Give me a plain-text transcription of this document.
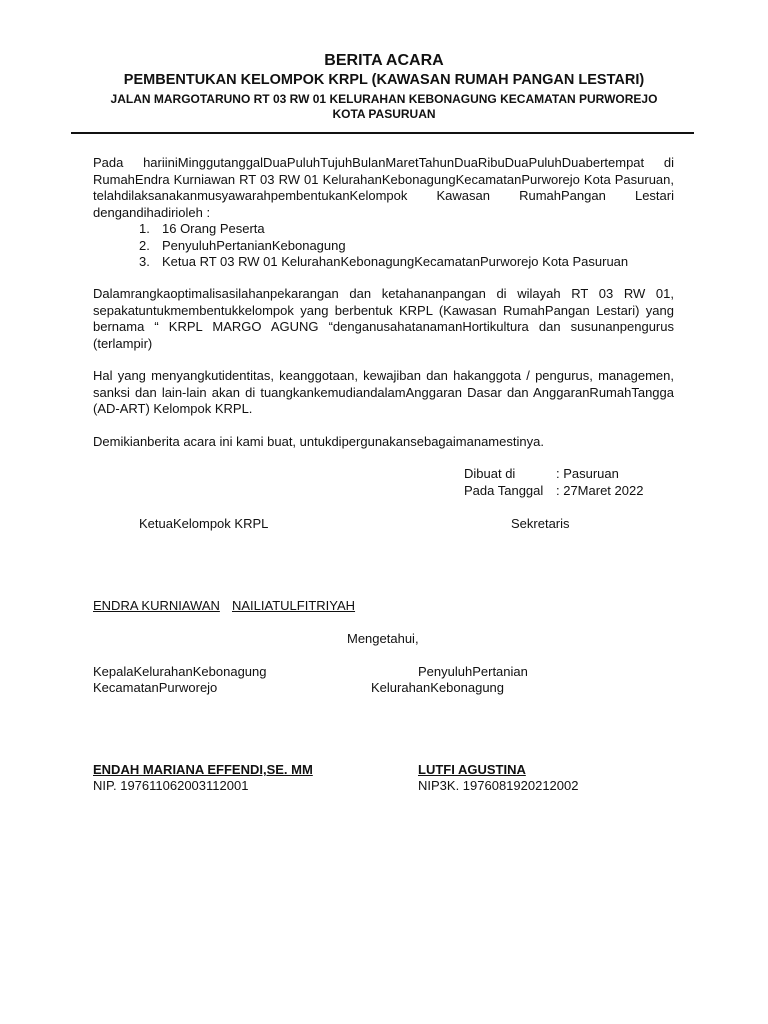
BERITA ACARA
PEMBENTUKAN KELOMPOK KRPL (KAWASAN RUMAH PANGAN LESTARI)
JALAN MARGOTARUNO RT 03 RW 01 KELURAHAN KEBONAGUNG KECAMATAN PURWOREJO
KOTA PASURUAN
Pada hariiniMinggutanggalDuaPuluhTujuhBulanMaretTahunDuaRibuDuaPuluhDuabertempat di
RumahEndra Kurniawan RT 03 RW 01 KelurahanKebonagungKecamatanPurworejo Kota Pasuruan,
telahdilaksanakanmusyawarahpembentukanKelompok Kawasan RumahPangan Lestari
dengandihadirioleh :
1. 16 Orang Peserta
2. PenyuluhPertanianKebonagung
3. Ketua RT 03 RW 01 KelurahanKebonagungKecamatanPurworejo Kota Pasuruan
Dalamrangkaoptimalisasilahanpekarangan dan ketahananpangan di wilayah RT 03 RW 01,
sepakatuntukmembentukkelompok yang berbentuk KRPL (Kawasan RumahPangan Lestari) yang
bernama “ KRPL MARGO AGUNG “denganusahatanamanHortikultura dan susunanpengurus
(terlampir)
Hal yang menyangkutidentitas, keanggotaan, kewajiban dan hakanggota / pengurus, managemen,
sanksi dan lain-lain akan di tuangkankemudiandalamAnggaran Dasar dan AnggaranRumahTangga
(AD-ART) Kelompok KRPL.
Demikianberita acara ini kami buat, untukdipergunakansebagaimanamestinya.
Dibuat di	: Pasuruan
Pada Tanggal : 27Maret 2022
KetuaKelompok KRPL	Sekretaris
ENDRA KURNIAWAN NAILIATULFITRIYAH
Mengetahui,
KepalaKelurahanKebonagung
KecamatanPurworejo
PenyuluhPertanian
KelurahanKebonagung
ENDAH MARIANA EFFENDI,SE. MM
NIP. 197611062003112001
LUTFI AGUSTINA
NIP3K. 1976081920212002
